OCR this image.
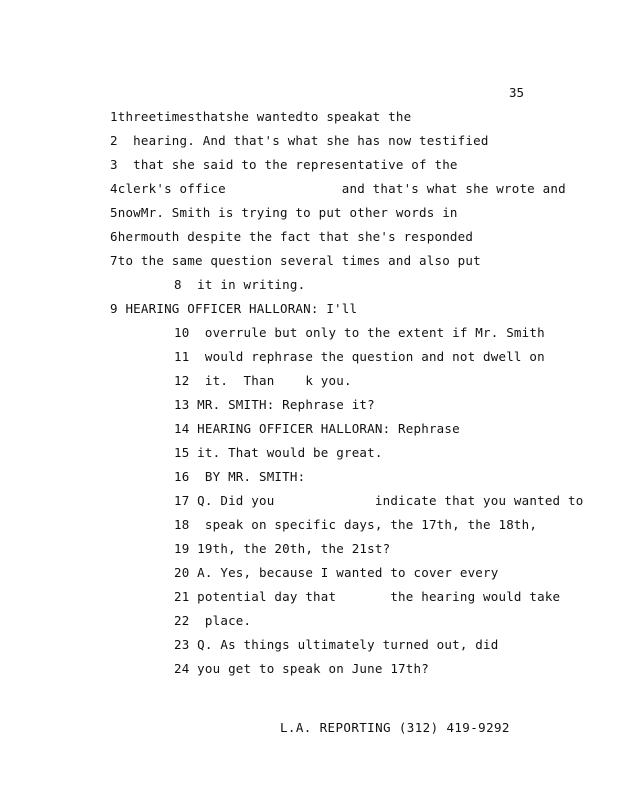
35
1threetimesthatshe wantedto speakat the
2  hearing. And that's what she has now testified
3  that she said to the representative of the
4clerk's office               and that's what she wrote and
5nowMr. Smith is trying to put other words in
6hermouth despite the fact that she's responded
7to the same question several times and also put
8  it in writing.
9 HEARING OFFICER HALLORAN: I'll
10  overrule but only to the extent if Mr. Smith
11  would rephrase the question and not dwell on
12  it.  Than    k you.
13 MR. SMITH: Rephrase it?
14 HEARING OFFICER HALLORAN: Rephrase
15 it. That would be great.
16  BY MR. SMITH:
17 Q. Did you             indicate that you wanted to
18  speak on specific days, the 17th, the 18th,
19 19th, the 20th, the 21st?
20 A. Yes, because I wanted to cover every
21 potential day that       the hearing would take
22  place.
23 Q. As things ultimately turned out, did
24 you get to speak on June 17th?
L.A. REPORTING (312) 419-9292
